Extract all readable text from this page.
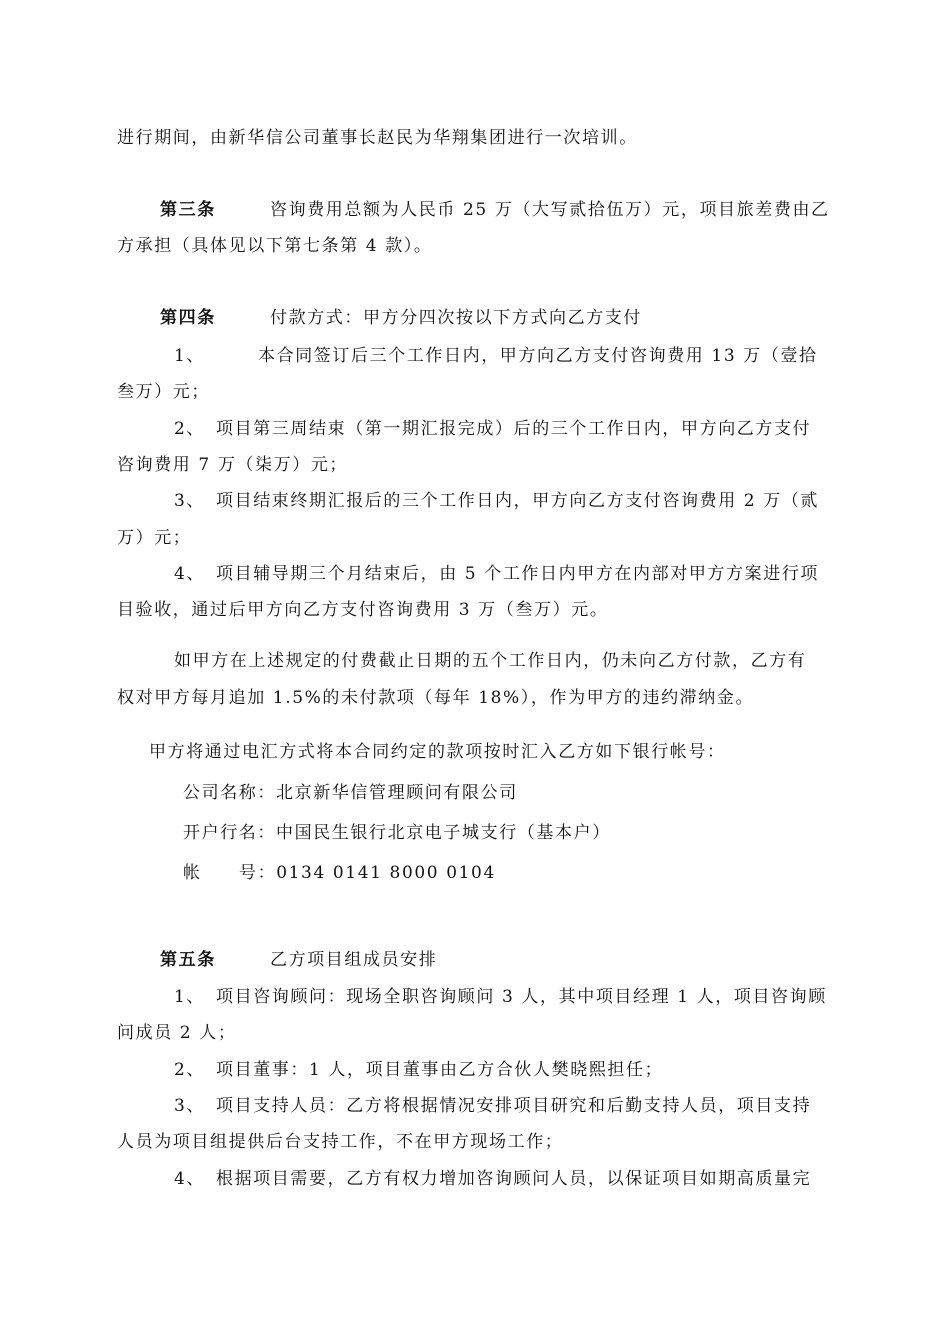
进行期间，由新华信公司董事长赵民为华翔集团进行一次培训。
第三条	咨询费用总额为人民币 25 万（大写贰拾伍万）元，项目旅差费由乙
方承担（具体见以下第七条第 4 款）。
第四条	付款方式：甲方分四次按以下方式向乙方支付
1、	本合同签订后三个工作日内，甲方向乙方支付咨询费用 13 万（壹拾
叁万）元；
2、 项目第三周结束（第一期汇报完成）后的三个工作日内，甲方向乙方支付
咨询费用 7 万（柒万）元；
3、 项目结束终期汇报后的三个工作日内，甲方向乙方支付咨询费用 2 万（贰
万）元；
4、 项目辅导期三个月结束后，由 5 个工作日内甲方在内部对甲方方案进行项
目验收，通过后甲方向乙方支付咨询费用 3 万（叁万）元。
如甲方在上述规定的付费截止日期的五个工作日内，仍未向乙方付款，乙方有
权对甲方每月追加 1.5%的未付款项（每年 18%），作为甲方的违约滞纳金。
甲方将通过电汇方式将本合同约定的款项按时汇入乙方如下银行帐号：
公司名称：北京新华信管理顾问有限公司
开户行名：中国民生银行北京电子城支行（基本户）
帐 号：0134 0141 8000 0104
第五条	乙方项目组成员安排
1、 项目咨询顾问：现场全职咨询顾问 3 人，其中项目经理 1 人，项目咨询顾
问成员 2 人；
2、 项目董事：1 人，项目董事由乙方合伙人樊晓熙担任；
3、 项目支持人员：乙方将根据情况安排项目研究和后勤支持人员，项目支持
人员为项目组提供后台支持工作，不在甲方现场工作；
4、 根据项目需要，乙方有权力增加咨询顾问人员，以保证项目如期高质量完
